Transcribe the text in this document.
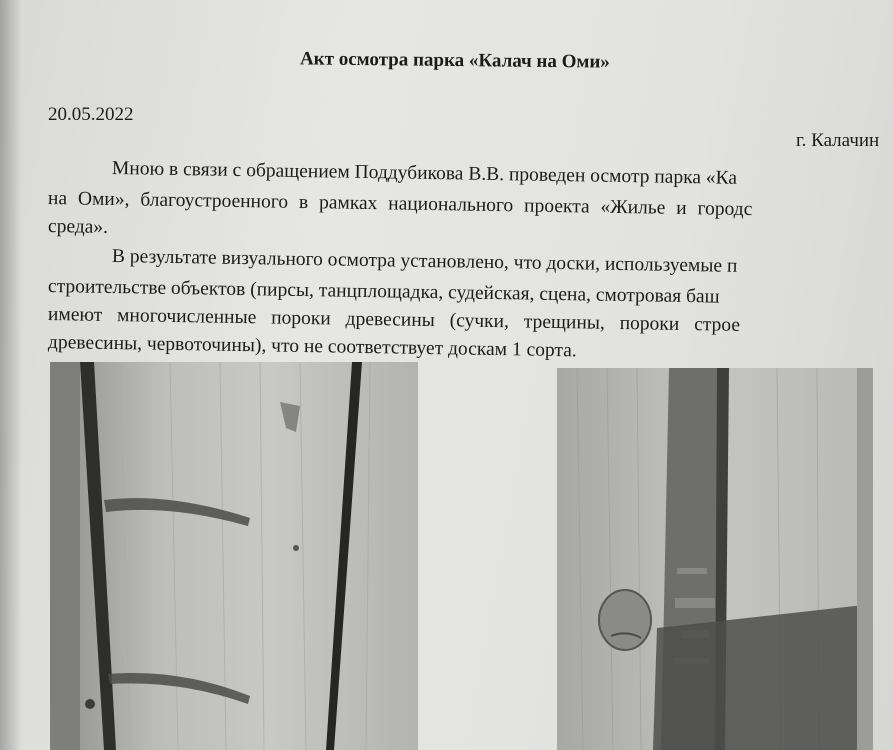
Акт осмотра парка «Калач на Оми»
20.05.2022
г. Калачин
Мною в связи с обращением Поддубикова В.В. проведен осмотр парка «Ка
на Оми», благоустроенного в рамках национального проекта «Жилье и городс
среда».
В результате визуального осмотра установлено, что доски, используемые п
строительстве объектов (пирсы, танцплощадка, судейская, сцена, смотровая баш
имеют многочисленные пороки древесины (сучки, трещины, пороки строе
древесины, червоточины), что не соответствует доскам 1 сорта.
